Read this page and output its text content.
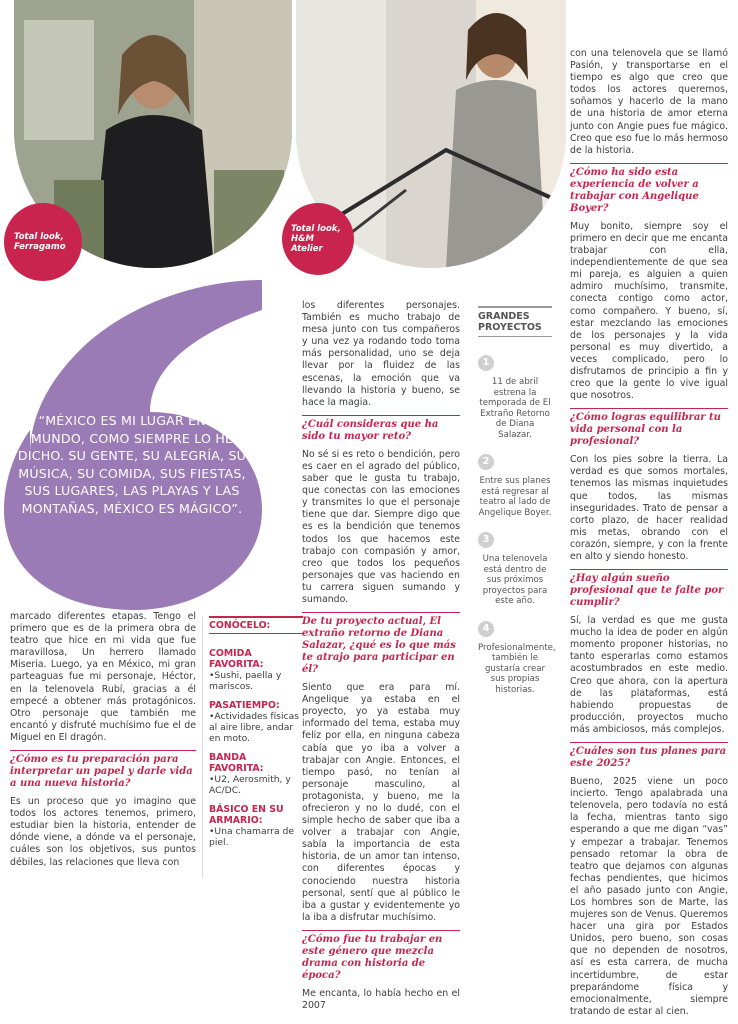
Total look, Ferragamo
Total look, H&M Atelier
“MÉXICO ES MI LUGAR EN EL MUNDO, COMO SIEMPRE LO HE DICHO. SU GENTE, SU ALEGRÍA, SU MÚSICA, SU COMIDA, SUS FIESTAS, SUS LUGARES, LAS PLAYAS Y LAS MONTAÑAS, MÉXICO ES MÁGICO”.

marcado diferentes etapas. Tengo el primero que es de la primera obra de teatro que hice en mi vida que fue maravillosa, Un herrero llamado Miseria. Luego, ya en México, mi gran parteaguas fue mi personaje, Héctor, en la telenovela Rubí, gracias a él empecé a obtener más protagónicos. Otro personaje que también me encantó y disfruté muchísimo fue el de Miguel en El dragón.

¿Cómo es tu preparación para interpretar un papel y darle vida a una nueva historia?

Es un proceso que yo imagino que todos los actores tenemos, primero, estudiar bien la historia, entender de dónde viene, a dónde va el personaje, cuáles son los objetivos, sus puntos débiles, las relaciones que lleva con

CONÓCELO:
COMIDA FAVORITA:
•Sushi, paella y mariscos.
PASATIEMPO:
•Actividades físicas al aire libre, andar en moto.
BANDA FAVORITA:
•U2, Aerosmith, y AC/DC.
BÁSICO EN SU ARMARIO:
•Una chamarra de piel.

los diferentes personajes. También es mucho trabajo de mesa junto con tus compañeros y una vez ya rodando todo toma más personalidad, uno se deja llevar por la fluidez de las escenas, la emoción que va llevando la historia y bueno, se hace la magia.

¿Cuál consideras que ha sido tu mayor reto?

No sé si es reto o bendición, pero es caer en el agrado del público, saber que le gusta tu trabajo, que conectas con las emociones y transmites lo que el personaje tiene que dar. Siempre digo que es es la bendición que tenemos todos los que hacemos este trabajo con compasión y amor, creo que todos los pequeños personajes que vas haciendo en tu carrera siguen sumando y sumando.

De tu proyecto actual, El extraño retorno de Diana Salazar, ¿qué es lo que más te atrajo para participar en él?

Siento que era para mí. Angelique ya estaba en el proyecto, yo ya estaba muy informado del tema, estaba muy feliz por ella, en ninguna cabeza cabía que yo iba a volver a trabajar con Angie. Entonces, el tiempo pasó, no tenían al personaje masculino, al protagonista, y bueno, me la ofrecieron y no lo dudé, con el simple hecho de saber que iba a volver a trabajar con Angie, sabía la importancia de esta historia, de un amor tan intenso, con diferentes épocas y conociendo nuestra historia personal, sentí que al público le iba a gustar y evidentemente yo la iba a disfrutar muchísimo.

¿Cómo fue tu trabajar en este género que mezcla drama con historia de época?

Me encanta, lo había hecho en el 2007

GRANDES PROYECTOS
1

11 de abril estrena la temporada de El Extraño Retorno de Diana Salazar.

2

Entre sus planes está regresar al teatro al lado de Angelique Boyer.

3

Una telenovela está dentro de sus próximos proyectos para este año.

4

Profesionalmente, también le gustaría crear sus propias historias.

con una telenovela que se llamó Pasión, y transportarse en el tiempo es algo que creo que todos los actores queremos, soñamos y hacerlo de la mano de una historia de amor eterna junto con Angie pues fue mágico. Creo que eso fue lo más hermoso de la historia.

¿Cómo ha sido esta experiencia de volver a trabajar con Angelique Boyer?

Muy bonito, siempre soy el primero en decir que me encanta trabajar con ella, independientemente de que sea mi pareja, es alguien a quien admiro muchísimo, transmite, conecta contigo como actor, como compañero. Y bueno, sí, estar mezclando las emociones de los personajes y la vida personal es muy divertido, a veces complicado, pero lo disfrutamos de principio a fin y creo que la gente lo vive igual que nosotros.

¿Cómo logras equilibrar tu vida personal con la profesional?

Con los pies sobre la tierra. La verdad es que somos mortales, tenemos las mismas inquietudes que todos, las mismas inseguridades. Trato de pensar a corto plazo, de hacer realidad mis metas, obrando con el corazón, siempre, y con la frente en alto y siendo honesto.

¿Hay algún sueño profesional que te falte por cumplir?

Sí, la verdad es que me gusta mucho la idea de poder en algún momento proponer historias, no tanto esperarlas como estamos acostumbrados en este medio. Creo que ahora, con la apertura de las plataformas, está habiendo propuestas de producción, proyectos mucho más ambiciosos, más complejos.

¿Cuáles son tus planes para este 2025?

Bueno, 2025 viene un poco incierto. Tengo apalabrada una telenovela, pero todavía no está la fecha, mientras tanto sigo esperando a que me digan “vas” y empezar a trabajar. Tenemos pensado retomar la obra de teatro que dejamos con algunas fechas pendientes, que hicimos el año pasado junto con Angie, Los hombres son de Marte, las mujeres son de Venus. Queremos hacer una gira por Estados Unidos, pero bueno, son cosas que no dependen de nosotros, así es esta carrera, de mucha incertidumbre, de estar preparándome física y emocionalmente, siempre tratando de estar al cien.
